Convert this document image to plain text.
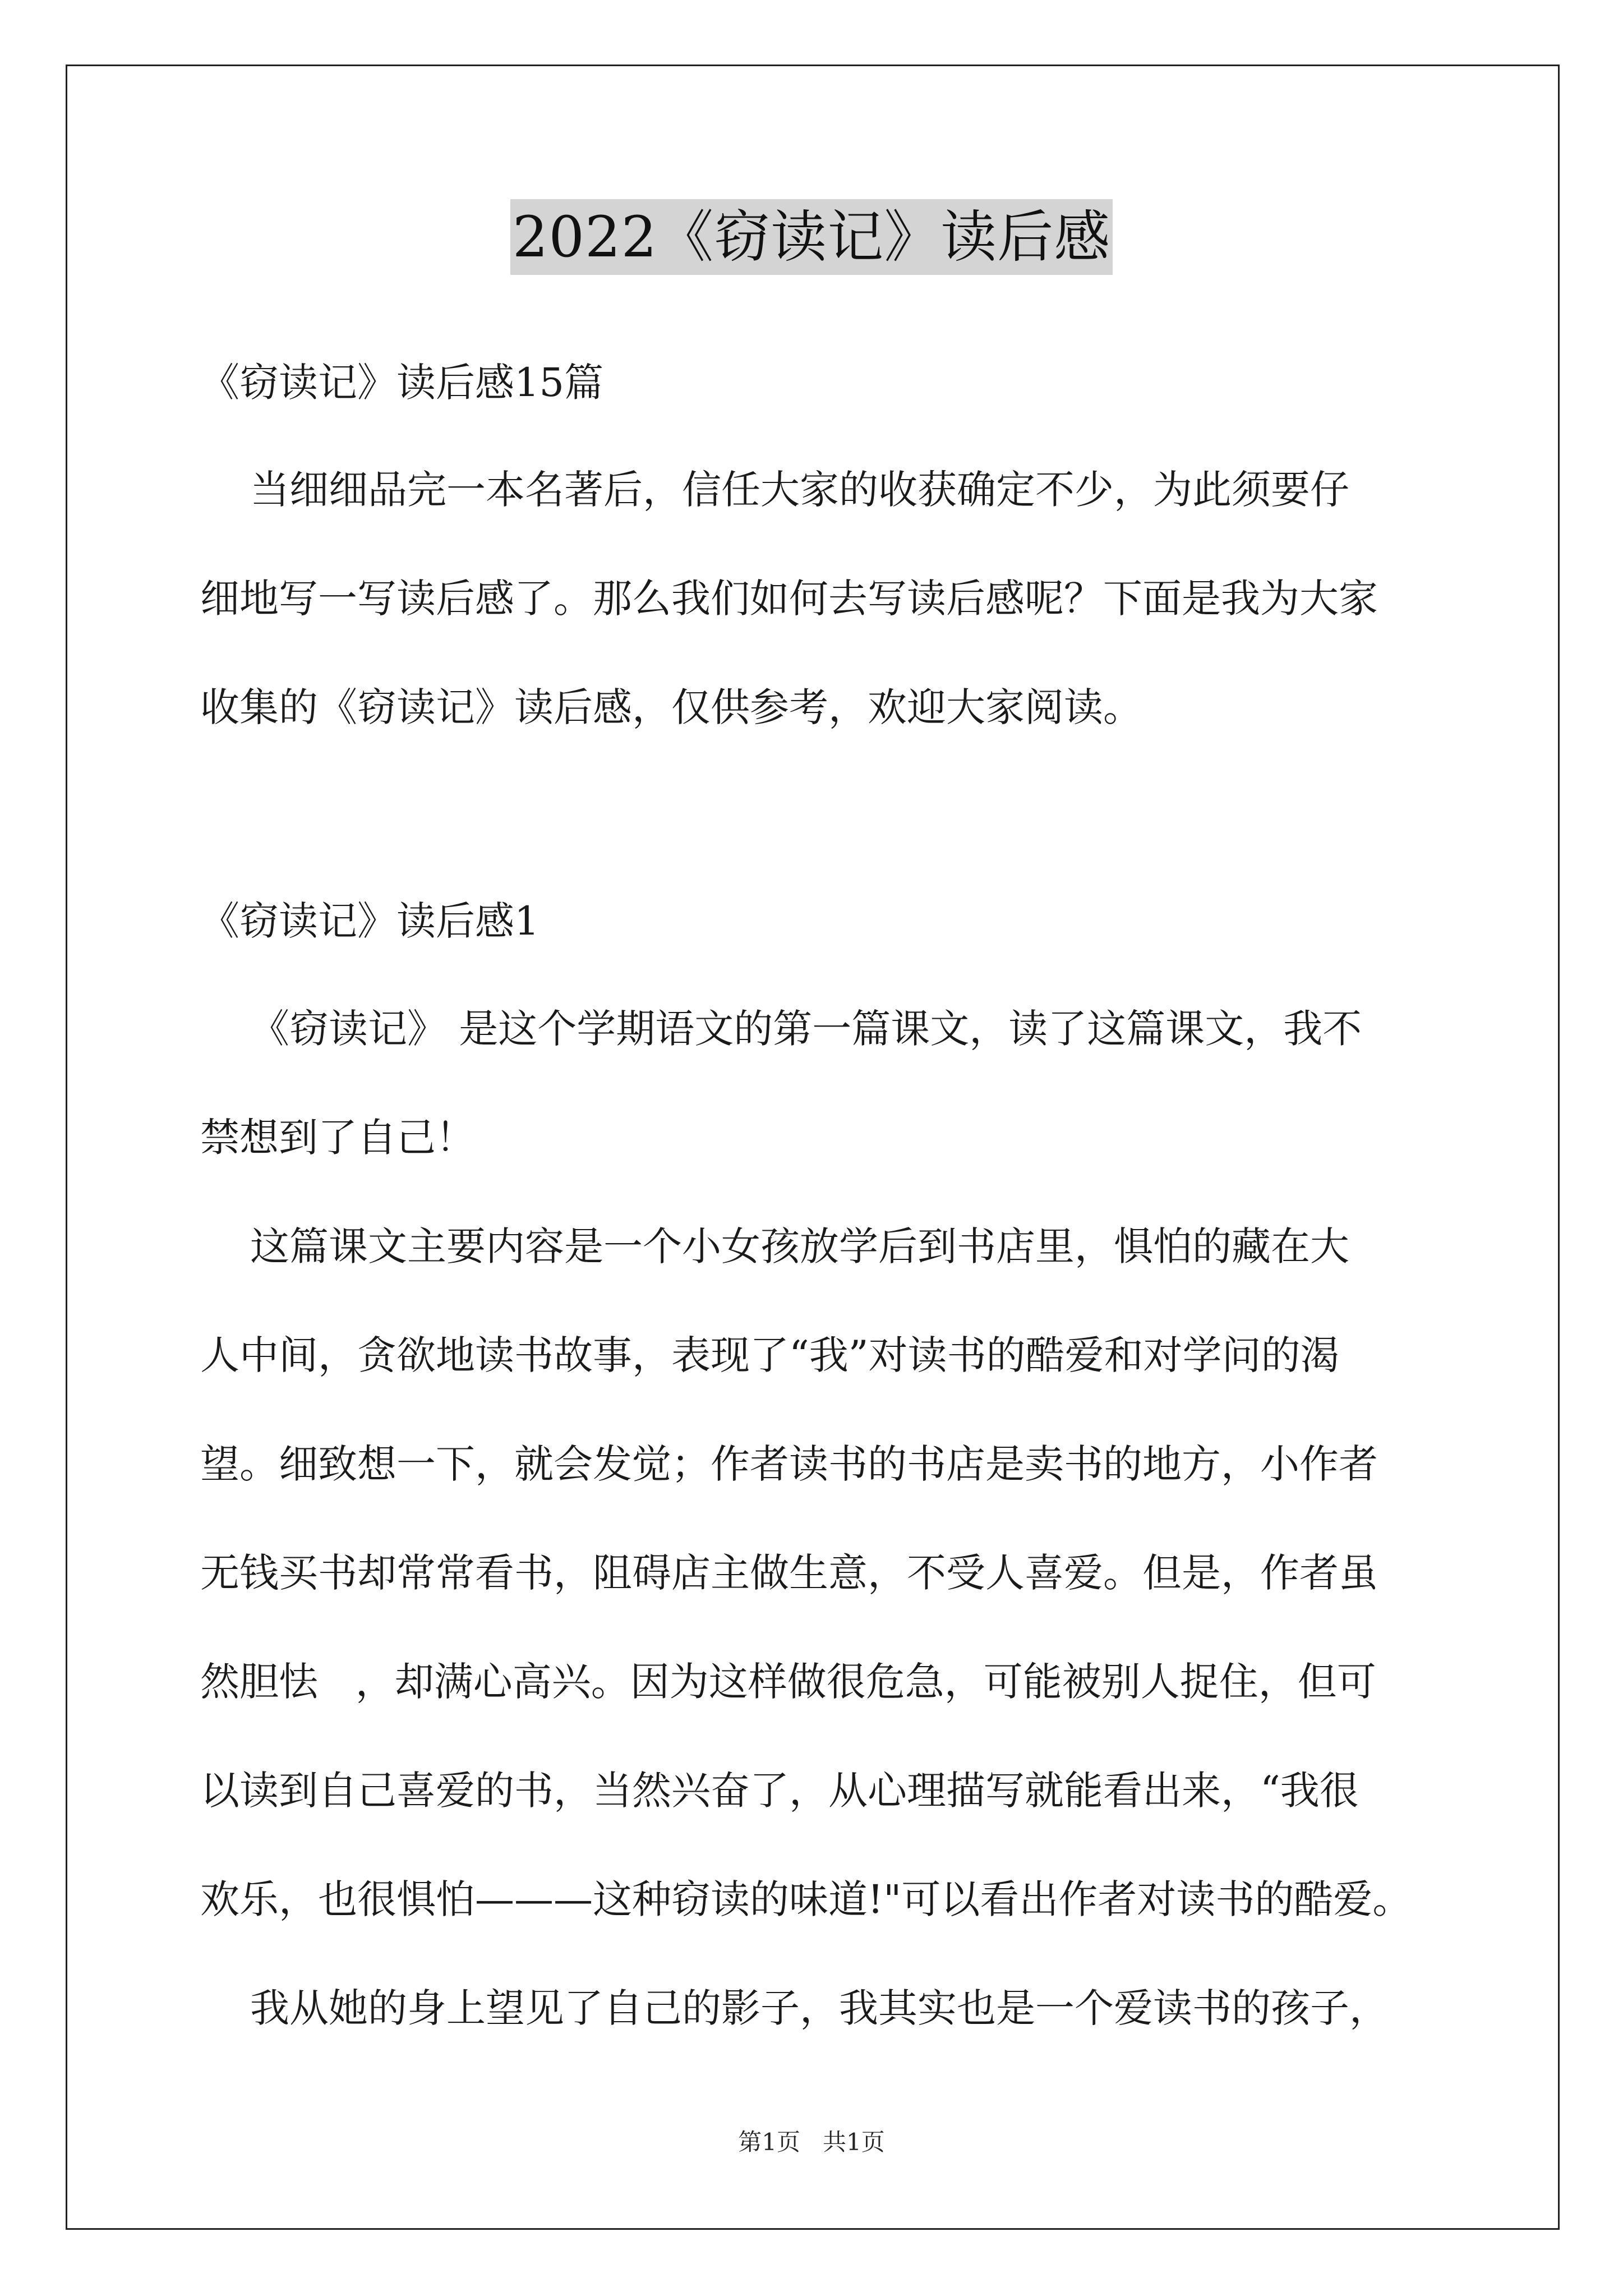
2022《窃读记》读后感

《窃读记》读后感15篇

当细细品完一本名著后，信任大家的收获确定不少，为此须要仔

细地写一写读后感了。那么我们如何去写读后感呢？下面是我为大家

收集的《窃读记》读后感，仅供参考，欢迎大家阅读。

《窃读记》读后感1

《窃读记》 是这个学期语文的第一篇课文，读了这篇课文，我不

禁想到了自己！

这篇课文主要内容是一个小女孩放学后到书店里，惧怕的藏在大

人中间，贪欲地读书故事，表现了“我”对读书的酷爱和对学问的渴

望。细致想一下，就会发觉；作者读书的书店是卖书的地方，小作者

无钱买书却常常看书，阻碍店主做生意，不受人喜爱。但是，作者虽

然胆怯   ，却满心高兴。因为这样做很危急，可能被别人捉住，但可

以读到自己喜爱的书，当然兴奋了，从心理描写就能看出来，“我很

欢乐，也很惧怕———这种窃读的味道!"可以看出作者对读书的酷爱。

我从她的身上望见了自己的影子，我其实也是一个爱读书的孩子，

第1页   共1页
